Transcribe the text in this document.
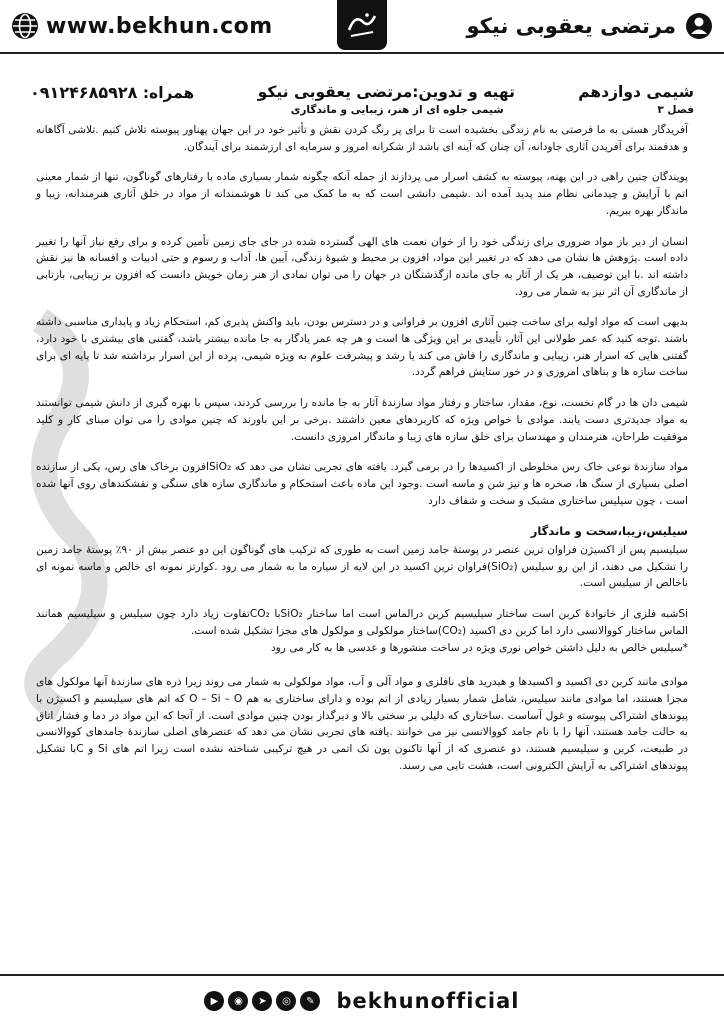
www.bekhun.com	مرتضی یعقوبی نیکو
شیمی دوازدهم
تهیه و تدوین:مرتضی یعقوبی نیکو
همراه: ۰۹۱۲۴۶۸۵۹۲۸
فصل ۳ شیمی جلوه ای از هنر، زیبایی و ماندگاری

آفریدگار هستی به ما فرصتی به نام زندگی بخشیده است تا برای پر رنگ کردن نقش و تأثیر خود در این جهان پهناور پیوسته تلاش کنیم .تلاشی آگاهانه و هدفمند برای آفریدن آثاری جاودانه، آن چنان که آینه ای باشد از شکرانه امروز و سرمایه ای ارزشمند برای آیندگان.

پویندگان چنین راهی در این پهنه، پیوسته به کشف اسرار می پردازند از جمله آنکه چگونه شمار بسیاری ماده با رفتارهای گوناگون، تنها از شمار معینی اتم با آرایش و چیدمانی نظام مند پدید آمده اند .شیمی دانشی است که به ما کمک می کند تا هوشمندانه از مواد در خلق آثاری هنرمندانه، زیبا و ماندگار بهره ببریم.

انسان از دیر باز مواد ضروری برای زندگی خود را از خوان نعمت های الهی گسترده شده در جای جای زمین تأمین کرده و برای رفع نیاز آنها را تغییر داده است .پژوهش ها نشان می دهد که در تغییر این مواد، افزون بر محیط و شیوۀ زندگی، آیین ها، آداب و رسوم و حتی ادبیات و افسانه ها نیز نقش داشته اند .با این توصیف، هر یک از آثار به جای مانده ازگذشتگان در جهان را می توان نمادی از هنر زمان خویش دانست که افزون بر زیبایی، بازتابی از ماندگاری آن اثر نیز به شمار می رود.

بدیهی است که مواد اولیه برای ساخت چنین آثاری افزون بر فراوانی و در دسترس بودن، باید واکنش پذیری کم، استحکام زیاد و پایداری مناسبی داشته باشند .توجه کنید که عمر طولانی این آثار، تأییدی بر این ویژگی ها است و هر چه عمر یادگار به جا مانده بیشتر باشد، گفتنی های بیشتری با خود دارد، گفتنی هایی که اسرار هنر، زیبایی و ماندگاری را فاش می کند یا رشد و پیشرفت علوم به ویژه شیمی، پرده از این اسرار برداشته شد تا پایه ای برای ساخت سازه ها و بناهای امروزی و در خور ستایش فراهم گردد.

شیمی دان ها در گام نخست، نوع، مقدار، ساختار و رفتار مواد سازندۀ آثار به جا مانده را بررسی کردند، سپس با بهره گیری از دانش شیمی توانستند به مواد جدیدتری دست یابند. موادی با خواص ویژه که کاربردهای معین داشتند .برخی بر این باورند که چنین موادی را می توان مبنای کار و کلید موفقیت طراحان، هنرمندان و مهندسان برای خلق سازه های زیبا و ماندگار امروزی دانست.

مواد سازندۀ نوعی خاک رس مخلوطی از اکسیدها را در برمی گیرد. یافته های تجربی نشان می دهد که SiO₂افزون برخاک های رس، یکی از سازنده اصلی بسیاری از سنگ ها، صخره ها و نیز شن و ماسه است .وجود این ماده باعث استحکام و ماندگاری سازه های سنگی و نقشکندهای روی آنها شده است ، چون سیلیس ساختاری مشبک و سخت و شفاف دارد

سیلیس،زیبا،سخت و ماندگار

سیلیسیم پس از اکسیژن فراوان ترین عنصر در پوستۀ جامد زمین است به طوری که ترکیب های گوناگون این دو عنصر بیش از ۹۰٪ پوستۀ جامد زمین را تشکیل می دهند، از این رو سیلیس (SiO₂)فراوان ترین اکسید در این لایه از سیاره ما به شمار می رود .کوارتز نمونه ای خالص و ماسه نمونه ای ناخالص از سیلیس است.

Siشبه فلزی از خانوادۀ کربن است ساختار سیلیسیم کربن درالماس است اما ساختار SiO₂با CO₂تفاوت زیاد دارد چون سیلیس و سیلیسیم همانند الماس ساختار کووالانسی دارد اما کربن دی اکسید (CO₂)ساختار مولکولی و مولکول های مجزا تشکیل شده است.

*سیلیس خالص به دلیل داشتن خواص نوری ویژه در ساخت منشورها و عدسی ها به کار می رود

موادی مانند کربن دی اکسید و اکسیدها و هیدرید های نافلزی و مواد آلی و آب، مواد مولکولی به شمار می روند زیرا ذره های سازندۀ آنها مولکول های مجزا هستند، اما موادی مانند سیلیس، شامل شمار بسیار زیادی از اتم بوده و دارای ساختاری به هم O – Si – O که اتم های سیلیسیم و اکسیژن با پیوندهای اشتراکی پیوسته و غول آساست .ساختاری که دلیلی بر سختی بالا و دیرگداز بودن چنین موادی است. از آنجا که این مواد در دما و فشار اتاق به حالت جامد هستند، آنها را با نام جامد کووالانسی نیز می خوانند .یافته های تجربی نشان می دهد که عنصرهای اصلی سازندۀ جامدهای کووالانسی در طبیعت، کربن و سیلیسیم هستند، دو عنصری که از آنها تاکنون یون تک اتمی در هیچ ترکیبی شناخته نشده است زیرا اتم های Si و Cبا تشکیل پیوندهای اشتراکی به آرایش الکترونی است، هشت تایی می رسند.

▶	◉	➤	◎	✎ bekhunofficial
